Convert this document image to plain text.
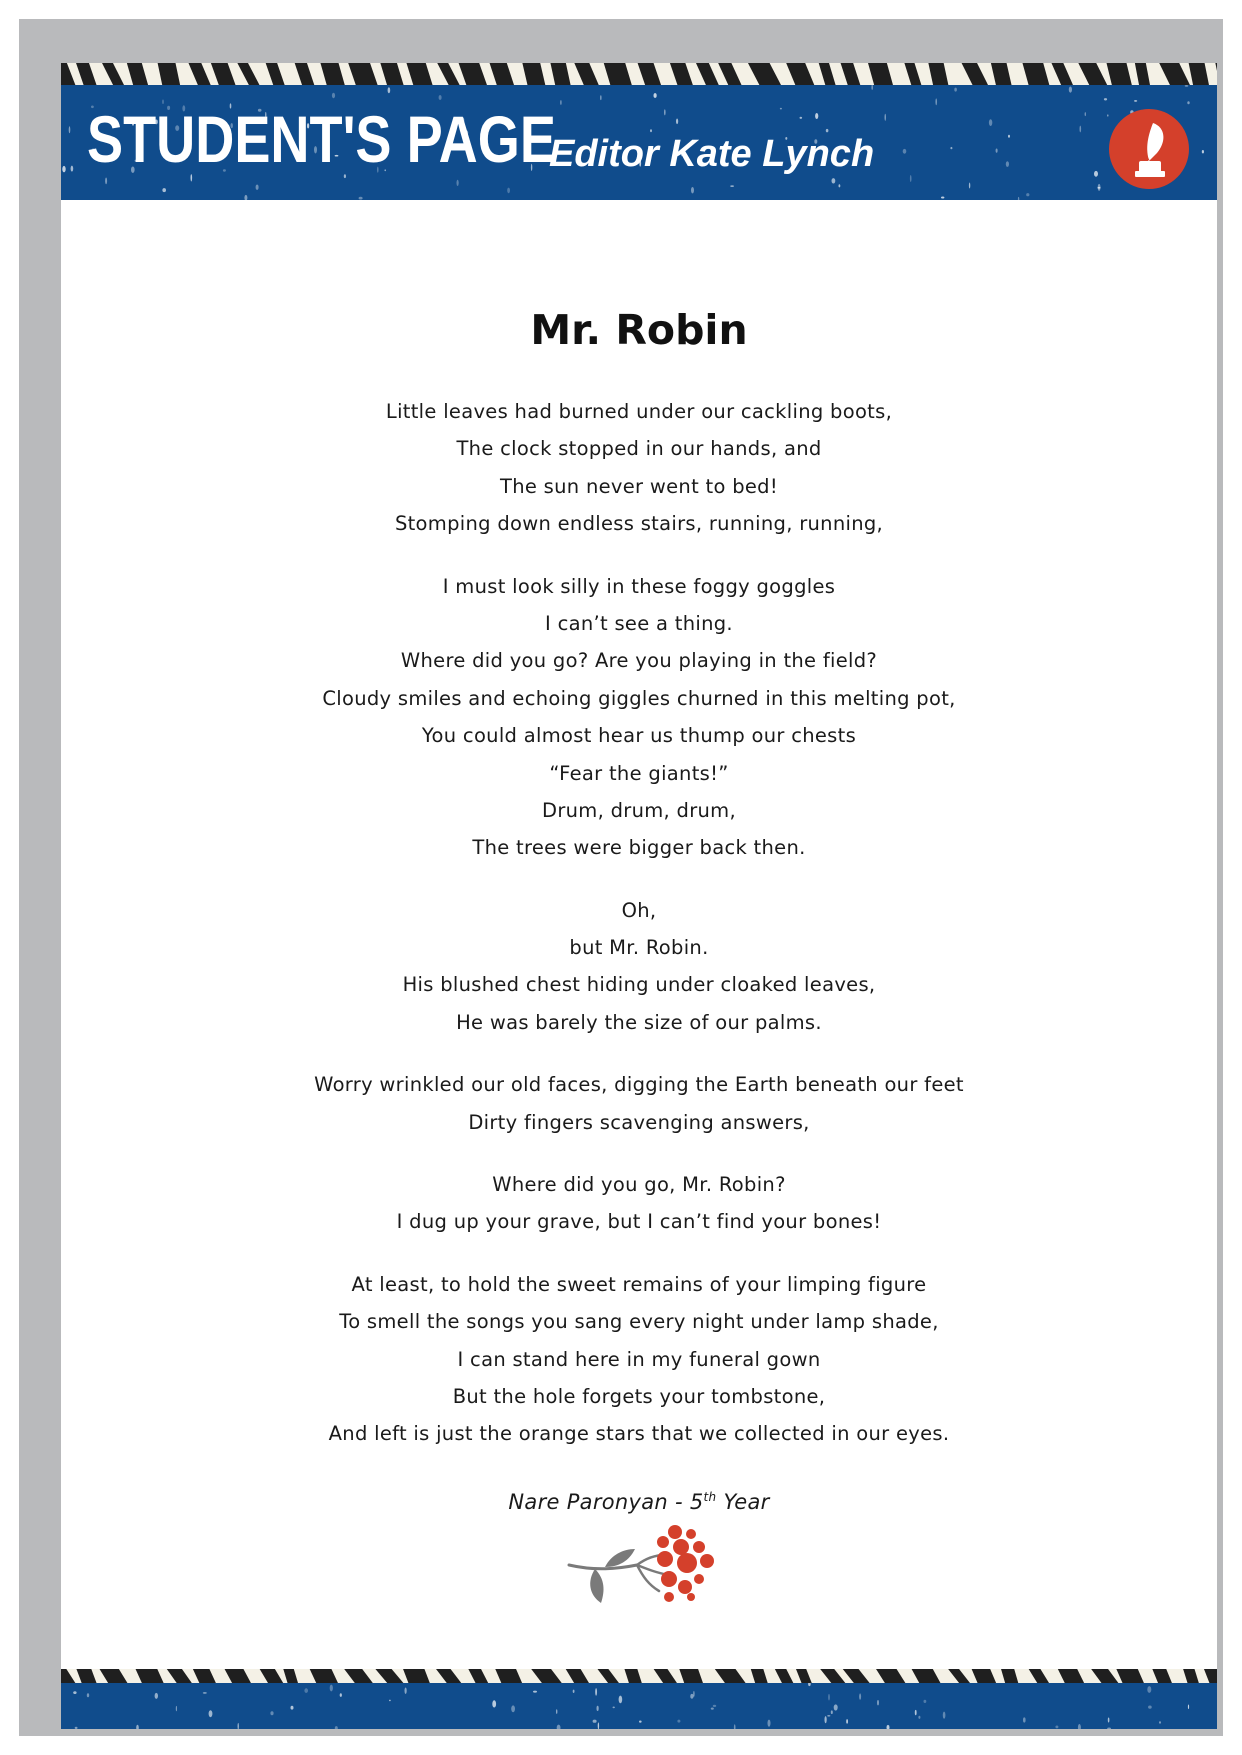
STUDENT'S PAGE
Editor Kate Lynch
Mr. Robin
Little leaves had burned under our cackling boots,
The clock stopped in our hands, and
The sun never went to bed!
Stomping down endless stairs, running, running,
I must look silly in these foggy goggles
I can’t see a thing.
Where did you go? Are you playing in the field?
Cloudy smiles and echoing giggles churned in this melting pot,
You could almost hear us thump our chests
“Fear the giants!”
Drum, drum, drum,
The trees were bigger back then.
Oh,
but Mr. Robin.
His blushed chest hiding under cloaked leaves,
He was barely the size of our palms.
Worry wrinkled our old faces, digging the Earth beneath our feet
Dirty fingers scavenging answers,
Where did you go, Mr. Robin?
I dug up your grave, but I can’t find your bones!
At least, to hold the sweet remains of your limping figure
To smell the songs you sang every night under lamp shade,
I can stand here in my funeral gown
But the hole forgets your tombstone,
And left is just the orange stars that we collected in our eyes.
Nare Paronyan - 5th Year
